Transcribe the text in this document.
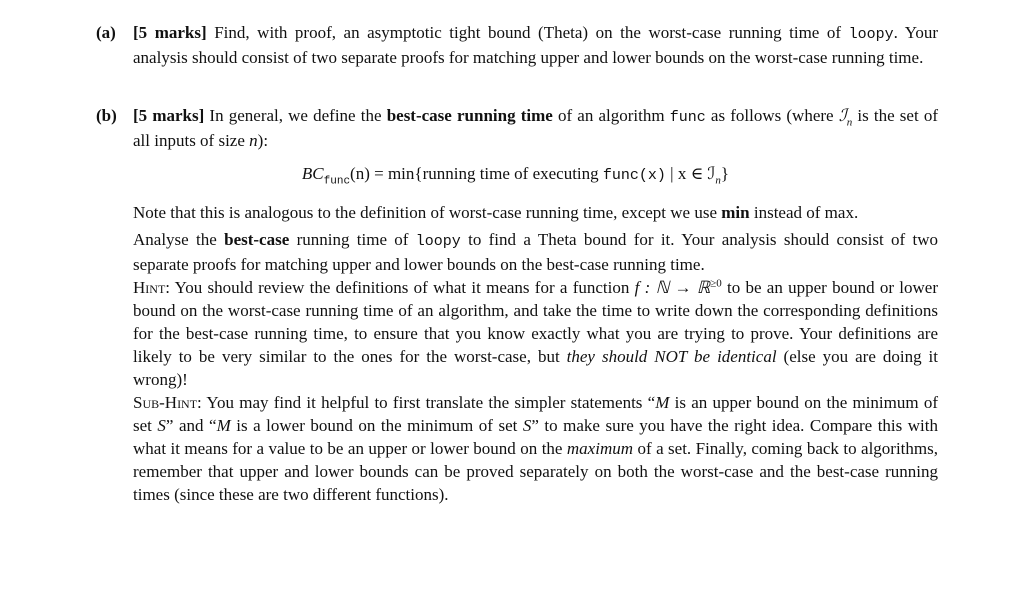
(a) [5 marks] Find, with proof, an asymptotic tight bound (Theta) on the worst-case running time of loopy. Your analysis should consist of two separate proofs for matching upper and lower bounds on the worst-case running time.

(b) [5 marks] In general, we define the best-case running time of an algorithm func as follows (where ℐ$_n$ is the set of all inputs of size n):

$BC_{func}(n)$ = min{running time of executing func(x) | x ∈ ℐ$_n$}

Note that this is analogous to the definition of worst-case running time, except we use min instead of max.

Analyse the best-case running time of loopy to find a Theta bound for it. Your analysis should consist of two separate proofs for matching upper and lower bounds on the best-case running time.

Hint: You should review the definitions of what it means for a function f : ℕ → ℝ$^{\ge 0}$ to be an upper bound or lower bound on the worst-case running time of an algorithm, and take the time to write down the corresponding definitions for the best-case running time, to ensure that you know exactly what you are trying to prove. Your definitions are likely to be very similar to the ones for the worst-case, but they should NOT be identical (else you are doing it wrong)!

Sub-Hint: You may find it helpful to first translate the simpler statements “M is an upper bound on the minimum of set S” and “M is a lower bound on the minimum of set S” to make sure you have the right idea. Compare this with what it means for a value to be an upper or lower bound on the maximum of a set. Finally, coming back to algorithms, remember that upper and lower bounds can be proved separately on both the worst-case and the best-case running times (since these are two different functions).
